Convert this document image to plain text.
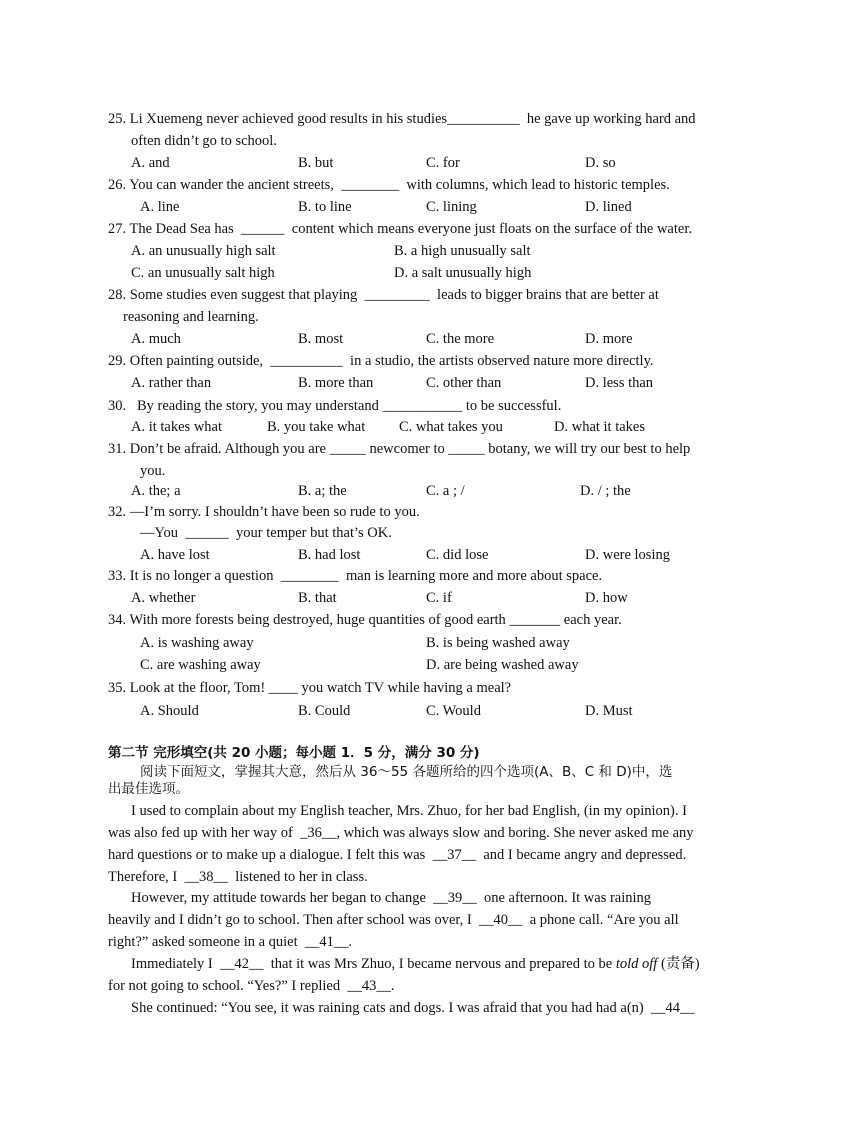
25. Li Xuemeng never achieved good results in his studies__________  he gave up working hard and
often didn’t go to school.
A. and	B. but	C. for	D. so
26. You can wander the ancient streets,  ________  with columns, which lead to historic temples.
A. line	B. to line	C. lining	D. lined
27. The Dead Sea has  ______  content which means everyone just floats on the surface of the water.
A. an unusually high salt	B. a high unusually salt
C. an unusually salt high	D. a salt unusually high
28. Some studies even suggest that playing  _________  leads to bigger brains that are better at
reasoning and learning.
A. much	B. most	C. the more	D. more
29. Often painting outside,  __________  in a studio, the artists observed nature more directly.
A. rather than	B. more than	C. other than	D. less than
30.   By reading the story, you may understand ___________ to be successful.
A. it takes what	B. you take what C. what takes you	D. what it takes
31. Don’t be afraid. Although you are _____ newcomer to _____ botany, we will try our best to help
you.
A. the; a	B. a; the	C. a ; /	D. / ; the
32. —I’m sorry. I shouldn’t have been so rude to you.
—You  ______  your temper but that’s OK.
A. have lost	B. had lost	C. did lose	D. were losing
33. It is no longer a question  ________  man is learning more and more about space.
A. whether	B. that	C. if	D. how
34. With more forests being destroyed, huge quantities of good earth _______ each year.
A. is washing away	B. is being washed away
C. are washing away	D. are being washed away
35. Look at the floor, Tom! ____ you watch TV while having a meal?
A. Should	B. Could	C. Would	D. Must
第二节 完形填空(共 20 小题；每小题 1．5 分，满分 30 分)
阅读下面短文，掌握其大意，然后从 36～55 各题所给的四个选项(A、B、C 和 D)中，选
出最佳选项。
I used to complain about my English teacher, Mrs. Zhuo, for her bad English, (in my opinion). I
was also fed up with her way of  _36__, which was always slow and boring. She never asked me any
hard questions or to make up a dialogue. I felt this was  __37__  and I became angry and depressed.
Therefore, I  __38__  listened to her in class.
However, my attitude towards her began to change  __39__  one afternoon. It was raining
heavily and I didn’t go to school. Then after school was over, I  __40__  a phone call. “Are you all
right?” asked someone in a quiet  __41__.
Immediately I  __42__  that it was Mrs Zhuo, I became nervous and prepared to be told off (责备)
for not going to school. “Yes?” I replied  __43__.
She continued: “You see, it was raining cats and dogs. I was afraid that you had had a(n)  __44__
